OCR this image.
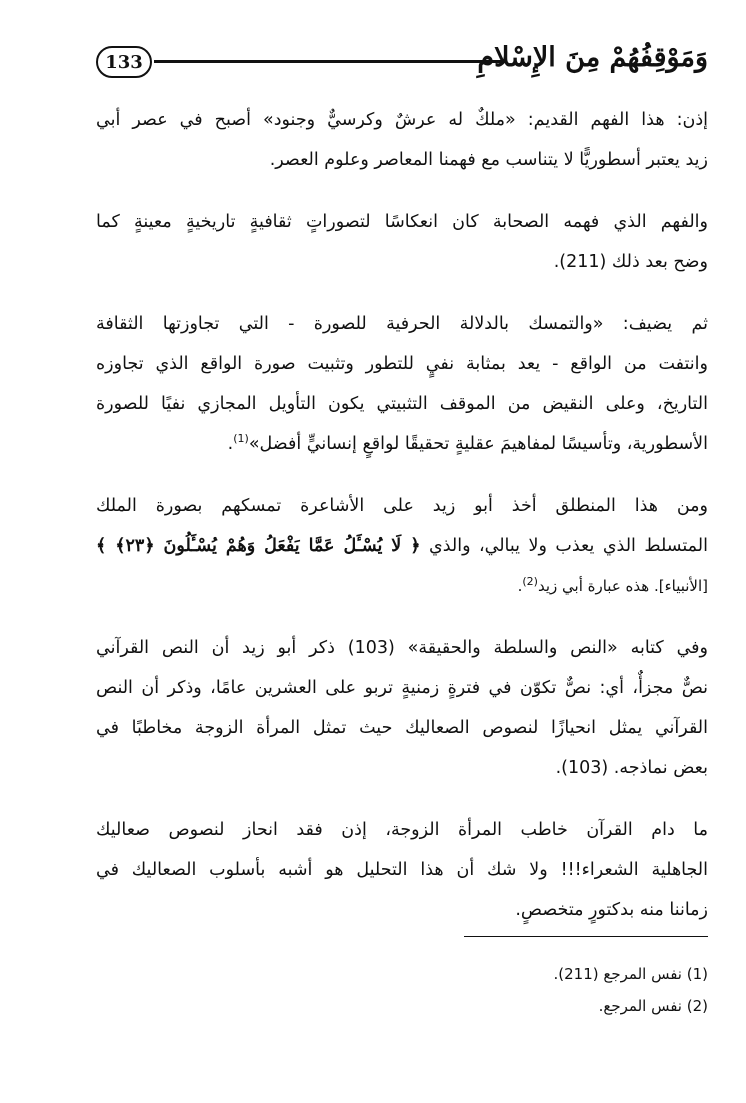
133	وَمَوْقِفُهُمْ مِنَ الإِسْلامِ

إذن: هذا الفهم القديم: «ملكٌ له عرشٌ وكرسيٌّ وجنود» أصبح في عصر أبي
زيد يعتبر أسطوريًّا لا يتناسب مع فهمنا المعاصر وعلوم العصر.

والفهم الذي فهمه الصحابة كان انعكاسًا لتصوراتٍ ثقافيةٍ تاريخيةٍ معينةٍ كما
وضح بعد ذلك (211).

ثم يضيف: «والتمسك بالدلالة الحرفية للصورة - التي تجاوزتها الثقافة
وانتفت من الواقع - يعد بمثابة نفيٍ للتطور وتثبيت صورة الواقع الذي تجاوزه
التاريخ، وعلى النقيض من الموقف التثبيتي يكون التأويل المجازي نفيًا للصورة
الأسطورية، وتأسيسًا لمفاهيمَ عقليةٍ تحقيقًا لواقعٍ إنسانيٍّ أفضل»$^{(1)}$.

ومن هذا المنطلق أخذ أبو زيد على الأشاعرة تمسكهم بصورة الملك
المتسلط الذي يعذب ولا يبالي، والذي ﴿ لَا يُسْـَٔلُ عَمَّا يَفْعَلُ وَهُمْ يُسْـَٔلُونَ ﴿٢٣﴾ ﴾
[الأنبياء]. هذه عبارة أبي زيد$^{(2)}$.

وفي كتابه «النص والسلطة والحقيقة» (103) ذكر أبو زيد أن النص القرآني
نصٌّ مجزأٌ، أي: نصٌّ تكوّن في فترةٍ زمنيةٍ تربو على العشرين عامًا، وذكر أن النص
القرآني يمثل انحيازًا لنصوص الصعاليك حيث تمثل المرأة الزوجة مخاطبًا في
بعض نماذجه. (103).

ما دام القرآن خاطب المرأة الزوجة، إذن فقد انحاز لنصوص صعاليك
الجاهلية الشعراء!!! ولا شك أن هذا التحليل هو أشبه بأسلوب الصعاليك في
زماننا منه بدكتورٍ متخصصٍ.

(1) نفس المرجع (211).
(2) نفس المرجع.
